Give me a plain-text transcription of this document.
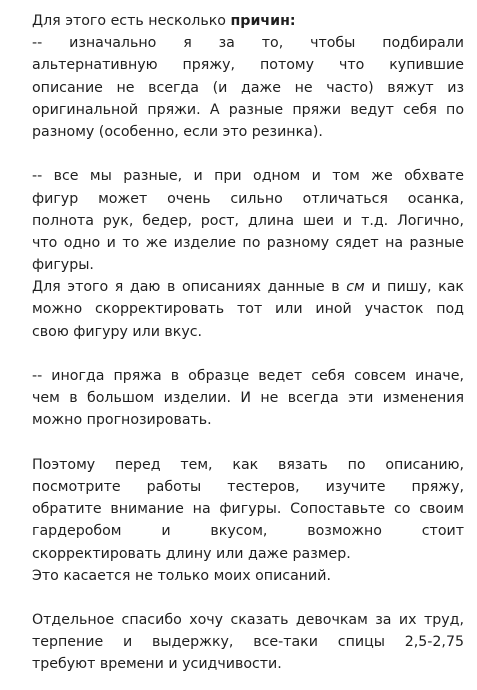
Для этого есть несколько причин:
-- изначально я за то, чтобы подбирали
альтернативную пряжу, потому что купившие
описание не всегда (и даже не часто) вяжут из
оригинальной пряжи. А разные пряжи ведут себя по
разному (особенно, если это резинка).
-- все мы разные, и при одном и том же обхвате
фигур может очень сильно отличаться осанка,
полнота рук, бедер, рост, длина шеи и т.д. Логично,
что одно и то же изделие по разному сядет на разные
фигуры.
Для этого я даю в описаниях данные в см и пишу, как
можно скорректировать тот или иной участок под
свою фигуру или вкус.
-- иногда пряжа в образце ведет себя совсем иначе,
чем в большом изделии. И не всегда эти изменения
можно прогнозировать.
Поэтому перед тем, как вязать по описанию,
посмотрите работы тестеров, изучите пряжу,
обратите внимание на фигуры. Сопоставьте со своим
гардеробом и вкусом, возможно стоит
скорректировать длину или даже размер.
Это касается не только моих описаний.
Отдельное спасибо хочу сказать девочкам за их труд,
терпение и выдержку, все-таки спицы 2,5-2,75
требуют времени и усидчивости.
